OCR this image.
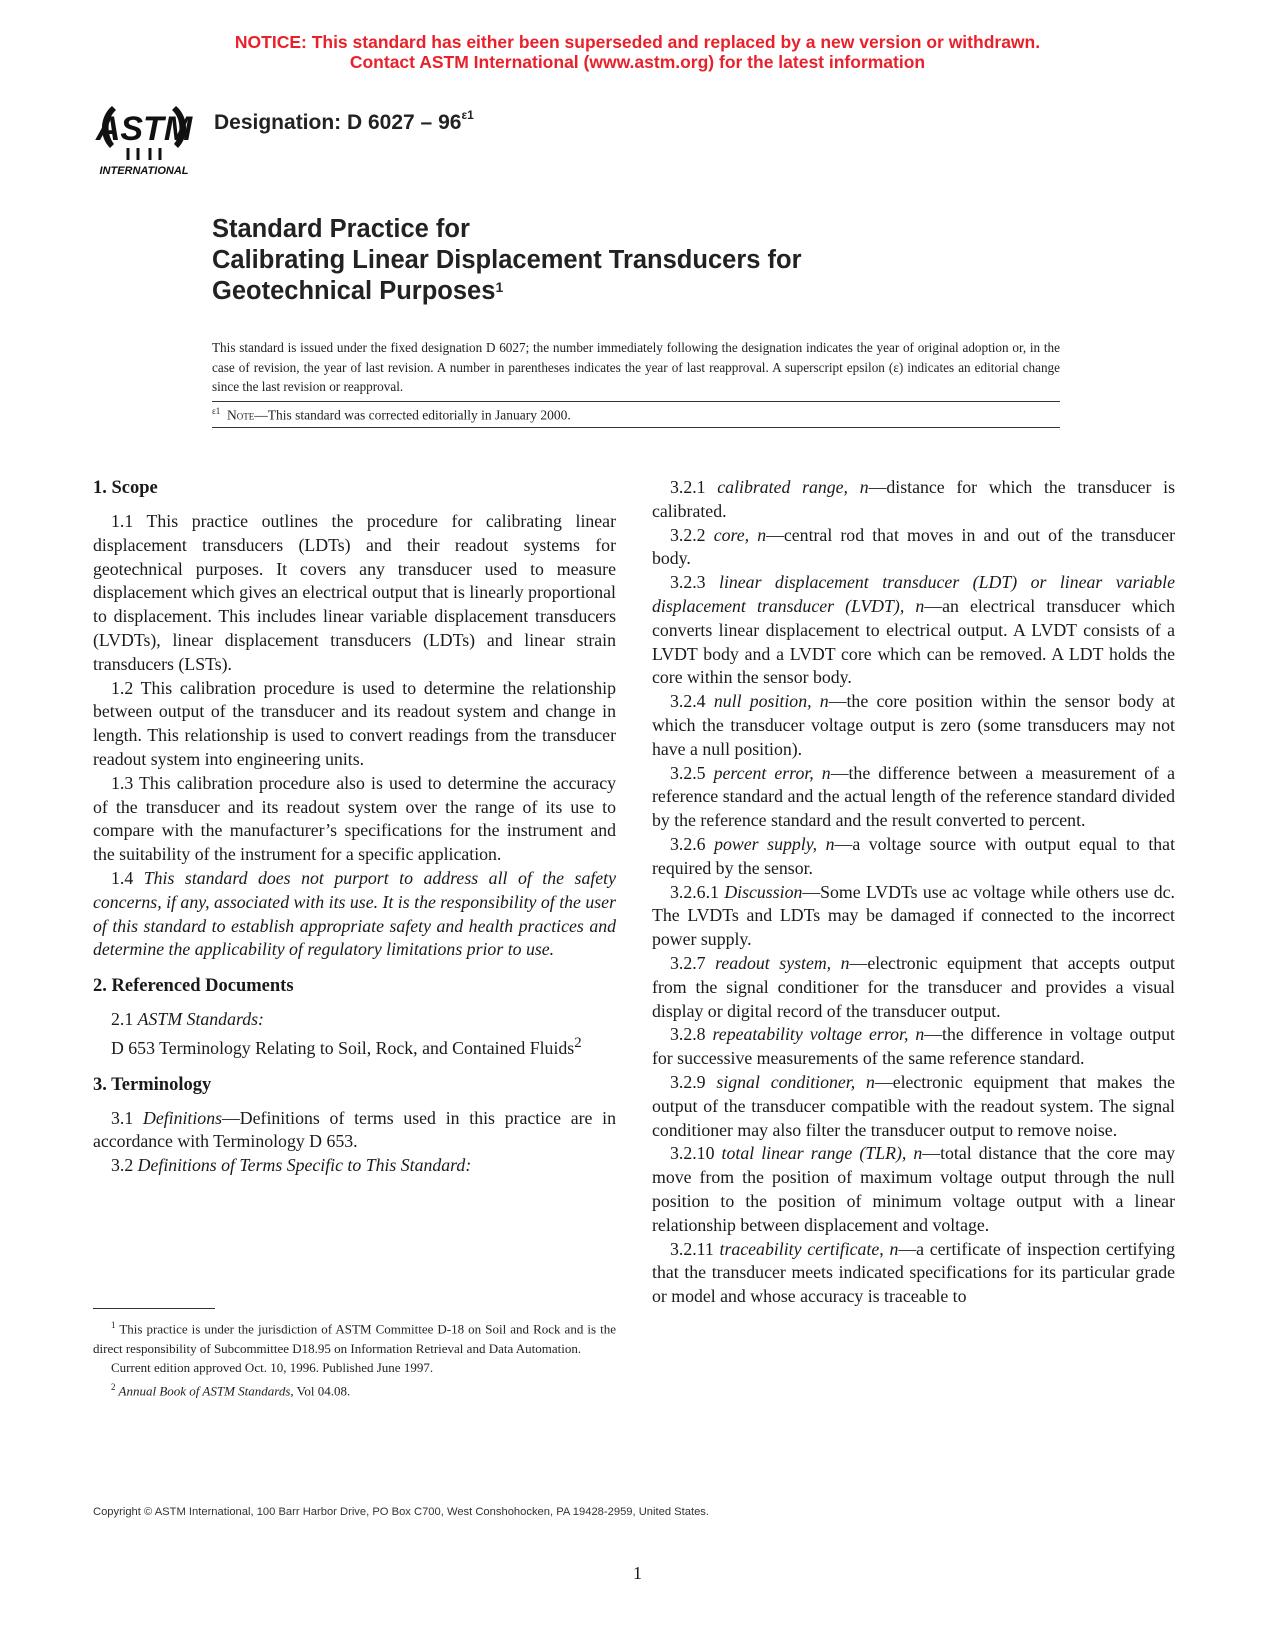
NOTICE: This standard has either been superseded and replaced by a new version or withdrawn.
Contact ASTM International (www.astm.org) for the latest information
ASTM
INTERNATIONAL
Designation: D $6027 - 96^{\varepsilon 1}$
Standard Practice for
Calibrating Linear Displacement Transducers for
Geotechnical Purposes$^1$
This standard is issued under the fixed designation D 6027; the number immediately following the designation indicates the year of original adoption or, in the case of revision, the year of last revision. A number in parentheses indicates the year of last reapproval. A superscript epsilon (ε) indicates an editorial change since the last revision or reapproval.
$^{\varepsilon 1}$ Note—This standard was corrected editorially in January 2000.
1. Scope

1.1 This practice outlines the procedure for calibrating linear displacement transducers (LDTs) and their readout systems for geotechnical purposes. It covers any transducer used to measure displacement which gives an electrical output that is linearly proportional to displacement. This includes linear variable displacement transducers (LVDTs), linear displacement transducers (LDTs) and linear strain transducers (LSTs).

1.2 This calibration procedure is used to determine the relationship between output of the transducer and its readout system and change in length. This relationship is used to convert readings from the transducer readout system into engineering units.

1.3 This calibration procedure also is used to determine the accuracy of the transducer and its readout system over the range of its use to compare with the manufacturer’s specifications for the instrument and the suitability of the instrument for a specific application.

1.4 This standard does not purport to address all of the safety concerns, if any, associated with its use. It is the responsibility of the user of this standard to establish appropriate safety and health practices and determine the applicability of regulatory limitations prior to use.

2. Referenced Documents

2.1 ASTM Standards:

D 653 Terminology Relating to Soil, Rock, and Contained Fluids$^2$

3. Terminology

3.1 Definitions—Definitions of terms used in this practice are in accordance with Terminology D 653.

3.2 Definitions of Terms Specific to This Standard:

$^1$ This practice is under the jurisdiction of ASTM Committee D-18 on Soil and Rock and is the direct responsibility of Subcommittee D18.95 on Information Retrieval and Data Automation.

Current edition approved Oct. 10, 1996. Published June 1997.

$^2$ Annual Book of ASTM Standards, Vol 04.08.

3.2.1 calibrated range, n—distance for which the transducer is calibrated.

3.2.2 core, n—central rod that moves in and out of the transducer body.

3.2.3 linear displacement transducer (LDT) or linear variable displacement transducer (LVDT), n—an electrical transducer which converts linear displacement to electrical output. A LVDT consists of a LVDT body and a LVDT core which can be removed. A LDT holds the core within the sensor body.

3.2.4 null position, n—the core position within the sensor body at which the transducer voltage output is zero (some transducers may not have a null position).

3.2.5 percent error, n—the difference between a measurement of a reference standard and the actual length of the reference standard divided by the reference standard and the result converted to percent.

3.2.6 power supply, n—a voltage source with output equal to that required by the sensor.

3.2.6.1 Discussion—Some LVDTs use ac voltage while others use dc. The LVDTs and LDTs may be damaged if connected to the incorrect power supply.

3.2.7 readout system, n—electronic equipment that accepts output from the signal conditioner for the transducer and provides a visual display or digital record of the transducer output.

3.2.8 repeatability voltage error, n—the difference in voltage output for successive measurements of the same reference standard.

3.2.9 signal conditioner, n—electronic equipment that makes the output of the transducer compatible with the readout system. The signal conditioner may also filter the transducer output to remove noise.

3.2.10 total linear range (TLR), n—total distance that the core may move from the position of maximum voltage output through the null position to the position of minimum voltage output with a linear relationship between displacement and voltage.

3.2.11 traceability certificate, n—a certificate of inspection certifying that the transducer meets indicated specifications for its particular grade or model and whose accuracy is traceable to

Copyright © ASTM International, 100 Barr Harbor Drive, PO Box C700, West Conshohocken, PA 19428-2959, United States.
1
